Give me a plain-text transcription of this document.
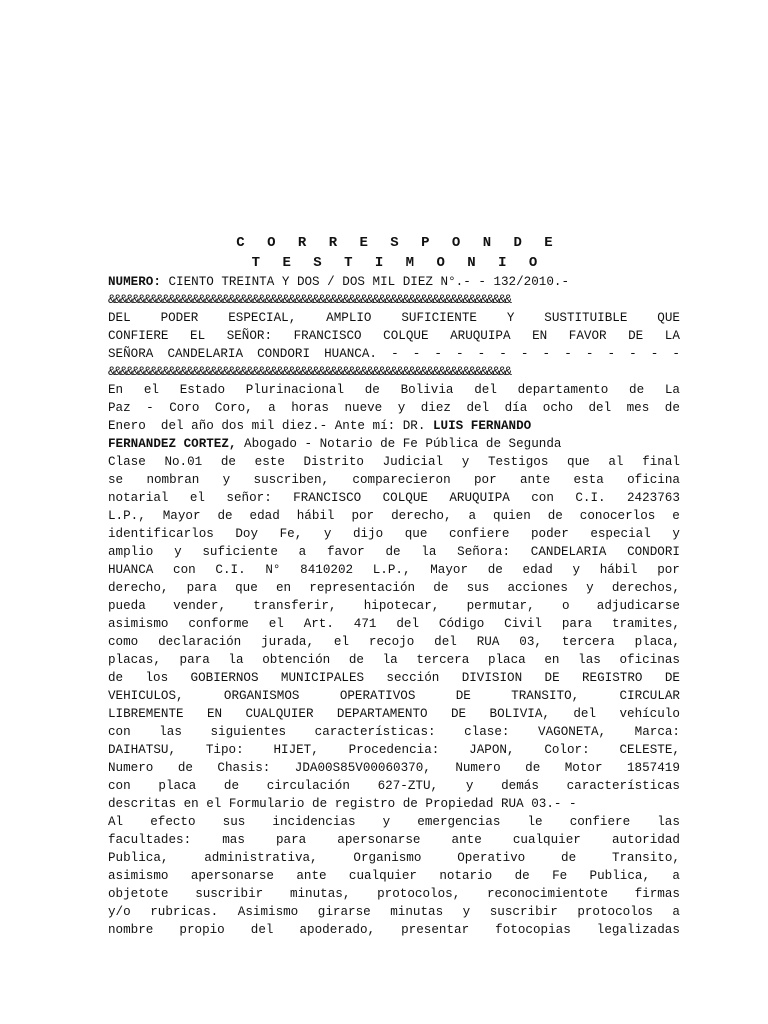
C O R R E S P O N D E
T E S T I M O N I O
NUMERO: CIENTO TREINTA Y DOS / DOS MIL DIEZ N°.- - 132/2010.-
&&&&&&&&&&&&&&&&&&&&&&&&&&&&&&&&&&&&&&&&&&&&&&&&&&&&&&&&&&&&&&&&&&&
DEL PODER ESPECIAL, AMPLIO SUFICIENTE Y SUSTITUIBLE QUE
CONFIERE EL SEÑOR: FRANCISCO COLQUE ARUQUIPA EN FAVOR DE LA
SEÑORA CANDELARIA CONDORI HUANCA. - - - - - - - - - - - - - -
&&&&&&&&&&&&&&&&&&&&&&&&&&&&&&&&&&&&&&&&&&&&&&&&&&&&&&&&&&&&&&&&&&&
En el Estado Plurinacional de Bolivia del departamento de La
Paz - Coro Coro, a horas nueve y diez del día ocho del mes de
Enero  del año dos mil diez.- Ante mí: DR. LUIS FERNANDO
FERNANDEZ CORTEZ, Abogado - Notario de Fe Pública de Segunda
Clase No.01 de este Distrito Judicial y Testigos que al final
se nombran y suscriben, comparecieron por ante esta oficina
notarial el señor: FRANCISCO COLQUE ARUQUIPA con C.I. 2423763
L.P., Mayor de edad hábil por derecho, a quien de conocerlos e
identificarlos Doy Fe, y dijo que confiere poder especial y
amplio y suficiente a favor de la Señora: CANDELARIA CONDORI
HUANCA con C.I. N° 8410202 L.P., Mayor de edad y hábil por
derecho, para que en representación de sus acciones y derechos,
pueda vender, transferir, hipotecar, permutar, o adjudicarse
asimismo conforme el Art. 471 del Código Civil para tramites,
como declaración jurada, el recojo del RUA 03, tercera placa,
placas, para la obtención de la tercera placa en las oficinas
de los GOBIERNOS MUNICIPALES sección DIVISION DE REGISTRO DE
VEHICULOS,	ORGANISMOS	OPERATIVOS	DE	TRANSITO,	CIRCULAR
LIBREMENTE EN CUALQUIER DEPARTAMENTO DE BOLIVIA, del vehículo
con las siguientes características: clase: VAGONETA, Marca:
DAIHATSU, Tipo: HIJET, Procedencia: JAPON, Color: CELESTE,
Numero de Chasis: JDA00S85V00060370, Numero de Motor 1857419
con placa de circulación 627-ZTU, y demás características
descritas en el Formulario de registro de Propiedad RUA 03.- -
Al efecto sus incidencias y emergencias le confiere las
facultades: mas para apersonarse ante cualquier autoridad
Publica,	administrativa,	Organismo	Operativo	de	Transito,
asimismo apersonarse ante cualquier notario de Fe Publica, a
objetote suscribir minutas, protocolos, reconocimientote firmas
y/o rubricas. Asimismo girarse minutas y suscribir protocolos a
nombre propio del apoderado, presentar fotocopias legalizadas
